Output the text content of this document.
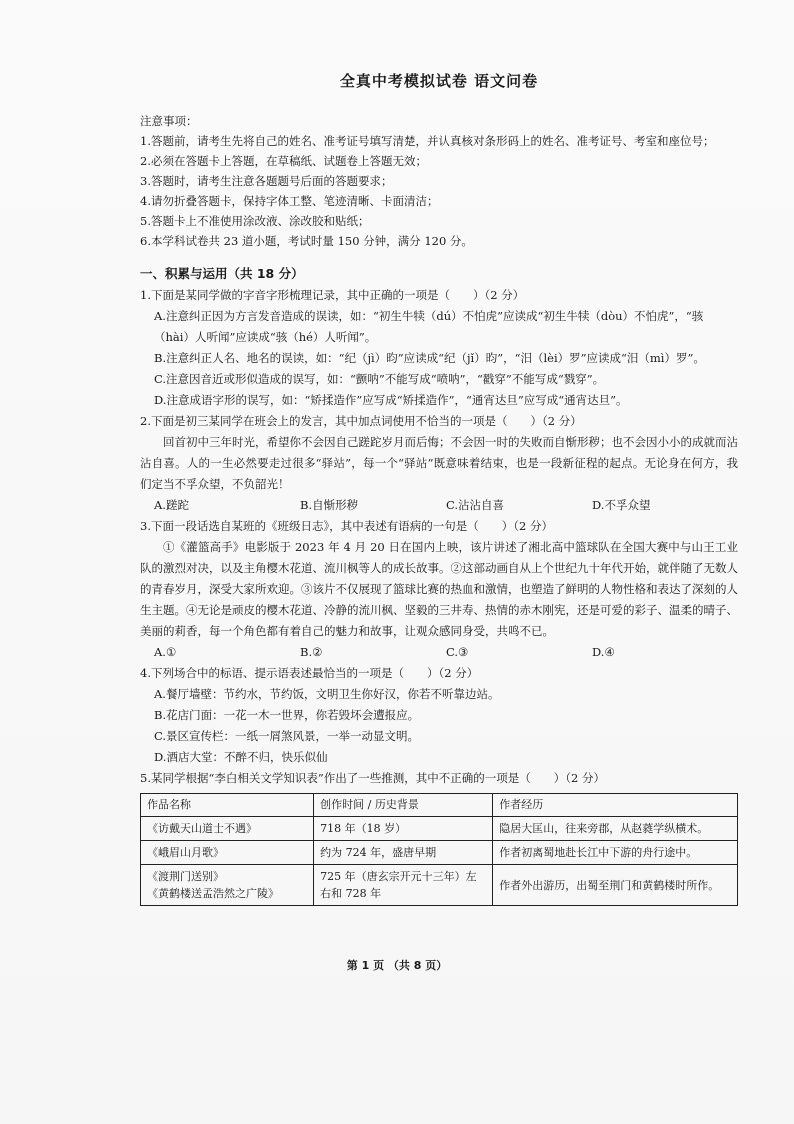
全真中考模拟试卷 语文问卷
注意事项：
1.答题前，请考生先将自己的姓名、准考证号填写清楚，并认真核对条形码上的姓名、准考证号、考室和座位号；
2.必须在答题卡上答题，在草稿纸、试题卷上答题无效；
3.答题时，请考生注意各题题号后面的答题要求；
4.请勿折叠答题卡，保持字体工整、笔迹清晰、卡面清洁；
5.答题卡上不准使用涂改液、涂改胶和贴纸；
6.本学科试卷共 23 道小题，考试时量 150 分钟，满分 120 分。
一、积累与运用（共 18 分）
1.下面是某同学做的字音字形梳理记录，其中正确的一项是（　　）（2 分）
A.注意纠正因为方言发音造成的误读，如：“初生牛犊（dú）不怕虎”应读成“初生牛犊（dòu）不怕虎”，“骇（hài）人听闻”应读成“骇（hé）人听闻”。
B.注意纠正人名、地名的误读，如：“纪（jì）昀”应读成“纪（jǐ）昀”，“汨（lèi）罗”应读成“汨（mì）罗”。
C.注意因音近或形似造成的误写，如：“颤呐”不能写成“喷呐”，“戳穿”不能写成“戮穿”。
D.注意成语字形的误写，如：“矫揉造作”应写成“矫揉造作”，“通宵达旦”应写成“通宵达旦”。
2.下面是初三某同学在班会上的发言，其中加点词使用不恰当的一项是（　　）（2 分）
回首初中三年时光，希望你不会因自己蹉跎岁月而后悔；不会因一时的失败而自惭形秽；也不会因小小的成就而沾沾自喜。人的一生必然要走过很多“驿站”，每一个“驿站”既意味着结束，也是一段新征程的起点。无论身在何方，我们定当不孚众望，不负韶光！
A.蹉跎	B.自惭形秽	C.沾沾自喜	D.不孚众望
3.下面一段话选自某班的《班级日志》，其中表述有语病的一句是（　　）（2 分）
①《灌篮高手》电影版于 2023 年 4 月 20 日在国内上映，该片讲述了湘北高中篮球队在全国大赛中与山王工业队的激烈对决，以及主角樱木花道、流川枫等人的成长故事。②这部动画自从上个世纪九十年代开始，就伴随了无数人的青春岁月，深受大家所欢迎。③该片不仅展现了篮球比赛的热血和激情，也塑造了鲜明的人物性格和表达了深刻的人生主题。④无论是顽皮的樱木花道、冷静的流川枫、坚毅的三井寿、热情的赤木刚宪，还是可爱的彩子、温柔的晴子、美丽的莉香，每一个角色都有着自己的魅力和故事，让观众感同身受，共鸣不已。
A.①	B.②	C.③	D.④
4.下列场合中的标语、提示语表述最恰当的一项是（　　）（2 分）
A.餐厅墙壁：节约水，节约饭，文明卫生你好汉，你若不听靠边站。
B.花店门面：一花一木一世界，你若毁坏会遭报应。
C.景区宣传栏：一纸一屑煞风景，一举一动显文明。
D.酒店大堂：不醉不归，快乐似仙
5.某同学根据“李白相关文学知识表”作出了一些推测，其中不正确的一项是（　　）（2 分）
作品名称	创作时间 / 历史背景	作者经历
《访戴天山道士不遇》	718 年（18 岁）	隐居大匡山，往来旁郡，从赵蕤学纵横术。
《峨眉山月歌》	约为 724 年，盛唐早期	作者初离蜀地赴长江中下游的舟行途中。
《渡荆门送别》
《黄鹤楼送孟浩然之广陵》	725 年（唐玄宗开元十三年）左右和 728 年	作者外出游历，出蜀至荆门和黄鹤楼时所作。
第 1 页 （共 8 页）
